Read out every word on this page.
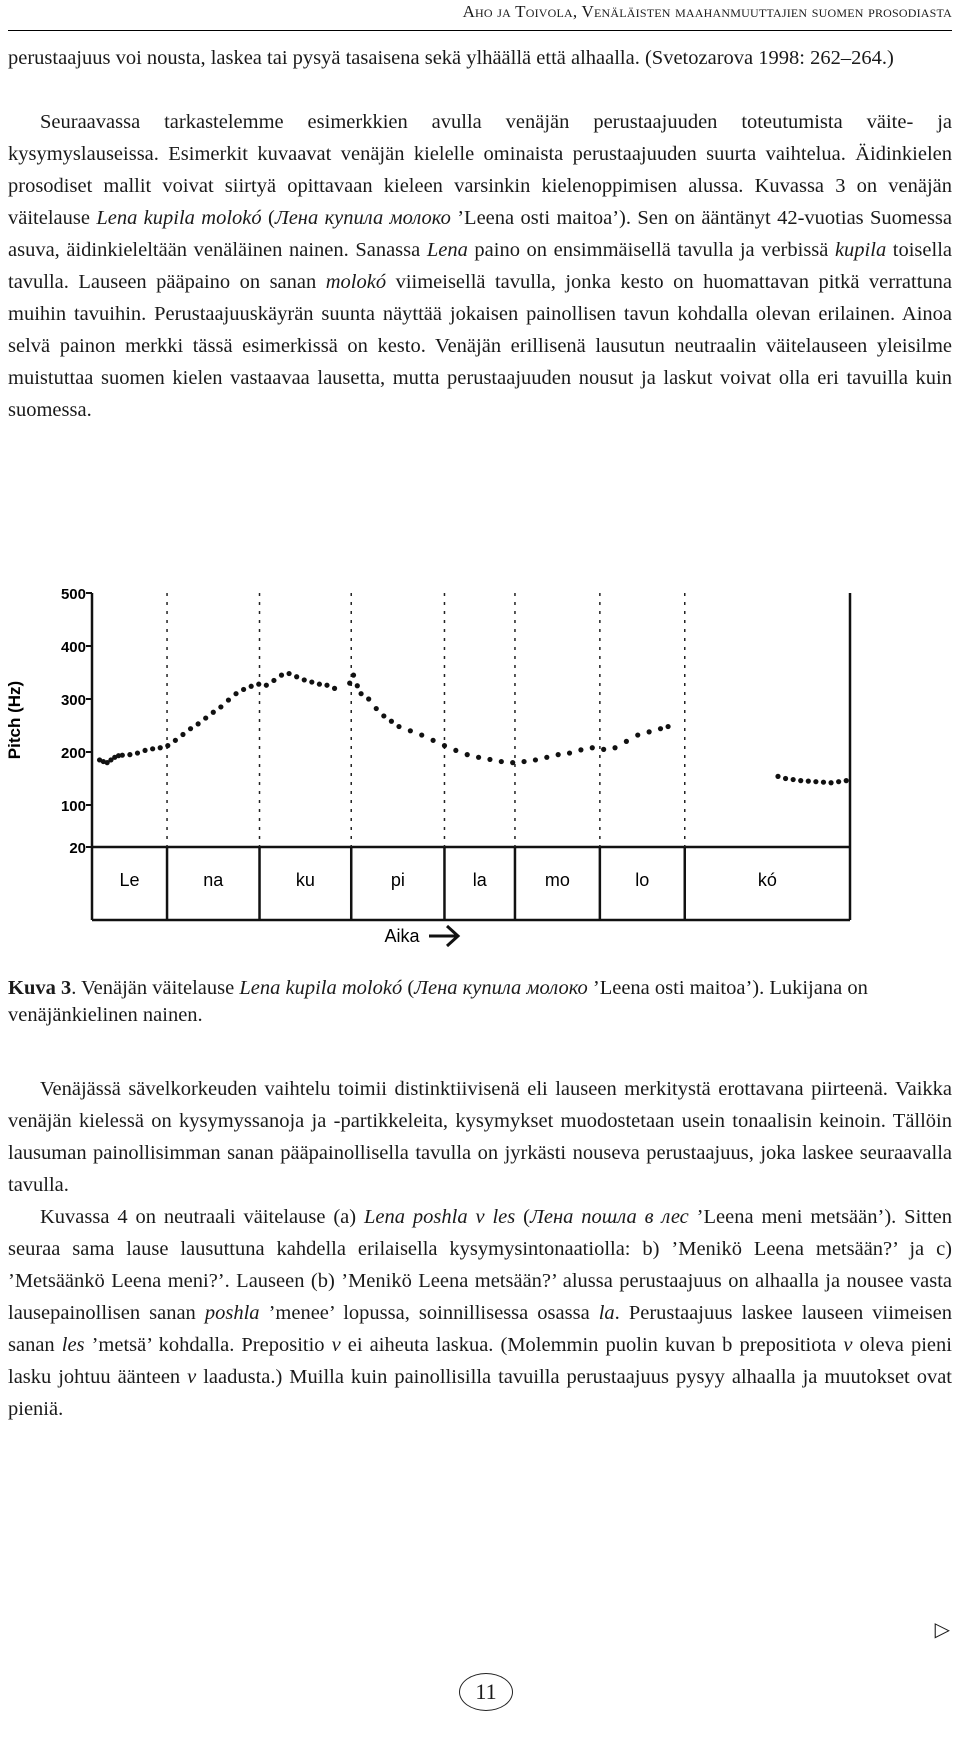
Aho ja Toivola, Venäläisten maahanmuuttajien suomen prosodiasta

perustaajuus voi nousta, laskea tai pysyä tasaisena sekä ylhäällä että alhaalla. (Svetozarova 1998: 262–264.)

Seuraavassa tarkastelemme esimerkkien avulla venäjän perustaajuuden toteutumista väite- ja kysymyslauseissa. Esimerkit kuvaavat venäjän kielelle ominaista perustaajuuden suurta vaihtelua. Äidinkielen prosodiset mallit voivat siirtyä opittavaan kieleen varsinkin kielenoppimisen alussa. Kuvassa 3 on venäjän väitelause Lena kupila molokó (Лена купила молоко ’Leena osti maitoa’). Sen on ääntänyt 42-vuotias Suomessa asuva, äidinkieleltään venäläinen nainen. Sanassa Lena paino on ensimmäisellä tavulla ja verbissä kupila toisella tavulla. Lauseen pääpaino on sanan molokó viimeisellä tavulla, jonka kesto on huomattavan pitkä verrattuna muihin tavuihin. Perustaajuuskäyrän suunta näyttää jokaisen painollisen tavun kohdalla olevan erilainen. Ainoa selvä painon merkki tässä esimerkissä on kesto. Venäjän erillisenä lausutun neutraalin väitelauseen yleisilme muistuttaa suomen kielen vastaavaa lausetta, mutta perustaajuuden nousut ja laskut voivat olla eri tavuilla kuin suomessa.

500
400
300
200
100
20
Pitch (Hz)
Le	na	ku	pi	la	mo	lo	kó
Aika

Kuva 3. Venäjän väitelause Lena kupila molokó (Лена купила молоко ’Leena osti maitoa’). Lukijana on venäjänkielinen nainen.

Venäjässä sävelkorkeuden vaihtelu toimii distinktiivisenä eli lauseen merkitystä erottavana piirteenä. Vaikka venäjän kielessä on kysymyssanoja ja -partikkeleita, kysymykset muodostetaan usein tonaalisin keinoin. Tällöin lausuman painollisimman sanan pääpainollisella tavulla on jyrkästi nouseva perustaajuus, joka laskee seuraavalla tavulla.

Kuvassa 4 on neutraali väitelause (a) Lena poshla v les (Лена пошла в лес ’Leena meni metsään’). Sitten seuraa sama lause lausuttuna kahdella erilaisella kysymysintonaatiolla: b) ’Menikö Leena metsään?’ ja c) ’Metsäänkö Leena meni?’. Lauseen (b) ’Menikö Leena metsään?’ alussa perustaajuus on alhaalla ja nousee vasta lausepainollisen sanan poshla ’menee’ lopussa, soinnillisessa osassa la. Perustaajuus laskee lauseen viimeisen sanan les ’metsä’ kohdalla. Prepositio v ei aiheuta laskua. (Molemmin puolin kuvan b prepositiota v oleva pieni lasku johtuu äänteen v laadusta.) Muilla kuin painollisilla tavuilla perustaajuus pysyy alhaalla ja muutokset ovat pieniä.

▷
11
